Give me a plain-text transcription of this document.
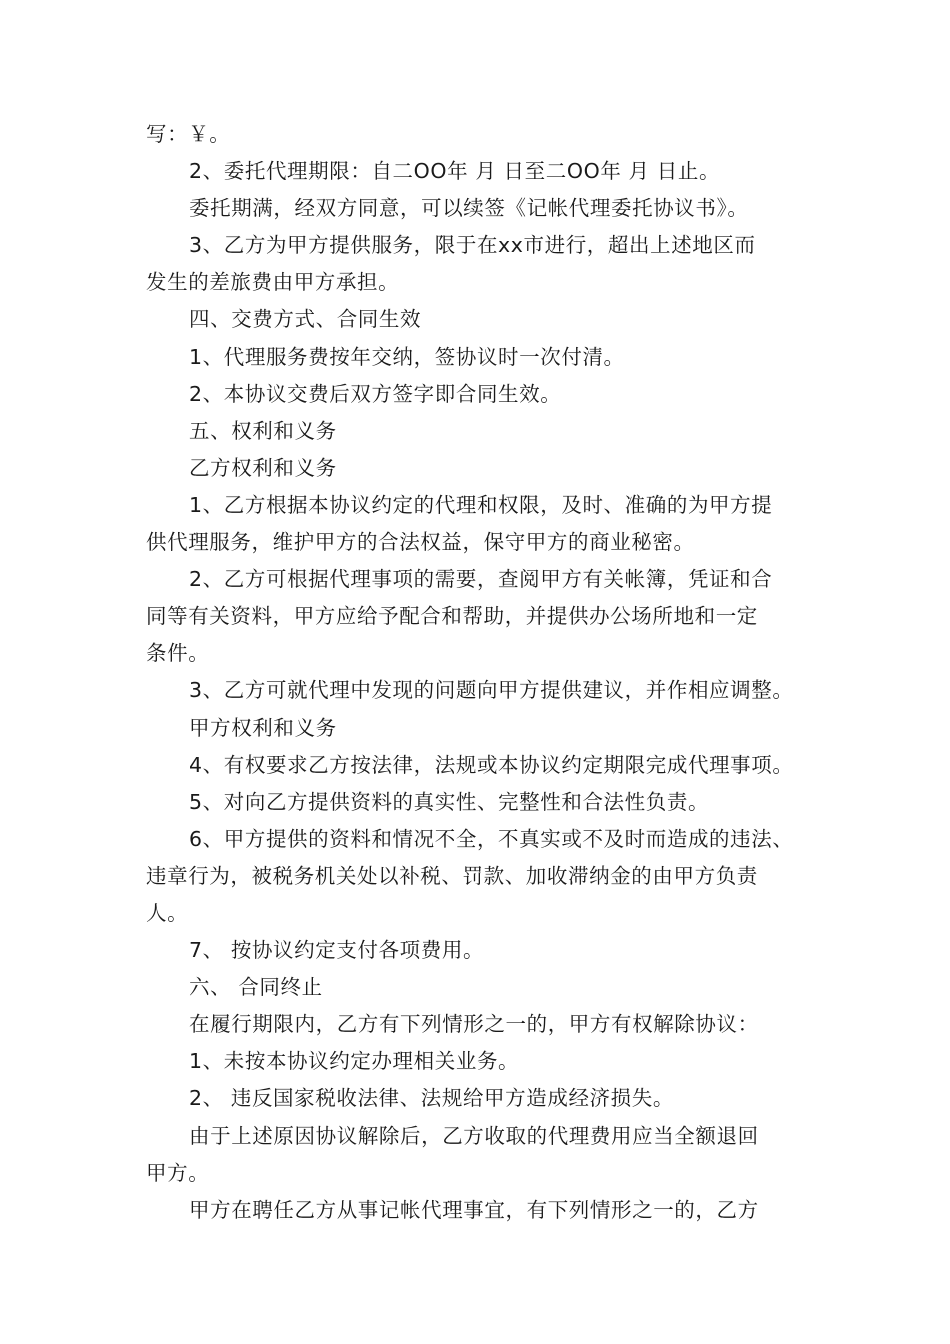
写：￥。

2、委托代理期限：自二OO年 月 日至二OO年 月 日止。

委托期满，经双方同意，可以续签《记帐代理委托协议书》。

3、乙方为甲方提供服务，限于在xx市进行，超出上述地区而

发生的差旅费由甲方承担。

四、交费方式、合同生效

1、代理服务费按年交纳，签协议时一次付清。

2、本协议交费后双方签字即合同生效。

五、权利和义务

乙方权利和义务

1、乙方根据本协议约定的代理和权限，及时、准确的为甲方提

供代理服务，维护甲方的合法权益，保守甲方的商业秘密。

2、乙方可根据代理事项的需要，查阅甲方有关帐簿，凭证和合

同等有关资料，甲方应给予配合和帮助，并提供办公场所地和一定

条件。

3、乙方可就代理中发现的问题向甲方提供建议，并作相应调整。

甲方权利和义务

4、有权要求乙方按法律，法规或本协议约定期限完成代理事项。

5、对向乙方提供资料的真实性、完整性和合法性负责。

6、甲方提供的资料和情况不全，不真实或不及时而造成的违法、

违章行为，被税务机关处以补税、罚款、加收滞纳金的由甲方负责

人。

7、 按协议约定支付各项费用。

六、 合同终止

在履行期限内，乙方有下列情形之一的，甲方有权解除协议：

1、未按本协议约定办理相关业务。

2、 违反国家税收法律、法规给甲方造成经济损失。

由于上述原因协议解除后，乙方收取的代理费用应当全额退回

甲方。

甲方在聘任乙方从事记帐代理事宜，有下列情形之一的，乙方
